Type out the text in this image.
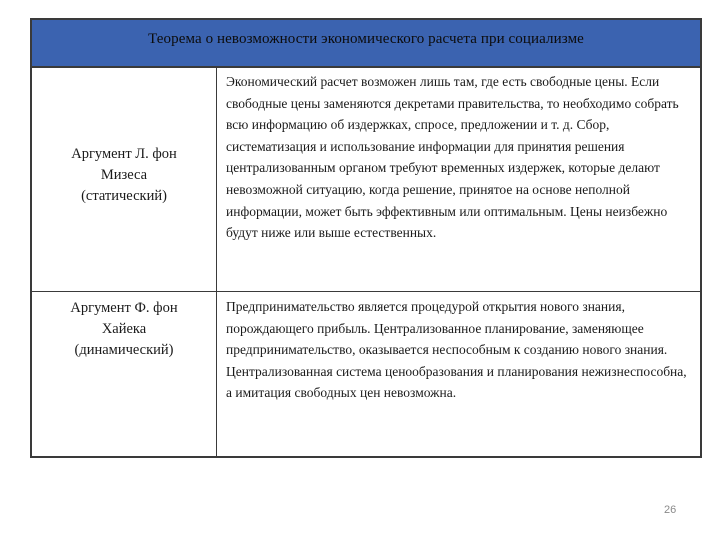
Теорема о невозможности экономического расчета при социализме
Аргумент Л. фон
Мизеса
(статический)
Экономический расчет возможен лишь там, где есть свободные цены. Если свободные цены заменяются декретами правительства, то необходимо собрать всю информацию об издержках, спросе, предложении и т. д. Сбор, систематизация и использование информации для принятия решения централизованным органом требуют временных издержек, которые делают невозможной ситуацию, когда решение, принятое на основе неполной информации, может быть эффективным или оптимальным. Цены неизбежно будут ниже или выше естественных.
Аргумент Ф. фон
Хайека
(динамический)
Предпринимательство является процедурой открытия нового знания, порождающего прибыль. Централизованное планирование, заменяющее предпринимательство, оказывается неспособным к созданию нового знания. Централизованная система ценообразования и планирования нежизнеспособна, а имитация свободных цен невозможна.
26
